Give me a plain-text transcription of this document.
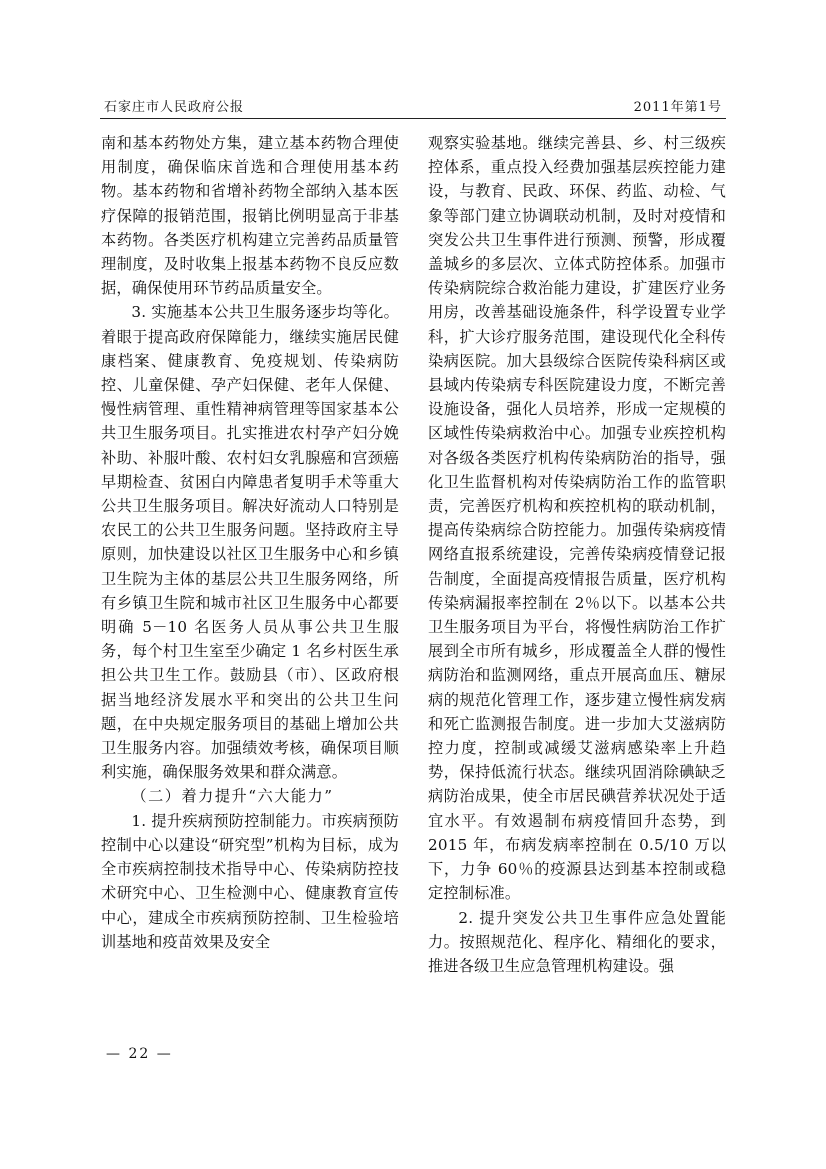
石家庄市人民政府公报	2011年第1号

南和基本药物处方集，建立基本药物合理使用制度，确保临床首选和合理使用基本药物。基本药物和省增补药物全部纳入基本医疗保障的报销范围，报销比例明显高于非基本药物。各类医疗机构建立完善药品质量管理制度，及时收集上报基本药物不良反应数据，确保使用环节药品质量安全。

3. 实施基本公共卫生服务逐步均等化。着眼于提高政府保障能力，继续实施居民健康档案、健康教育、免疫规划、传染病防控、儿童保健、孕产妇保健、老年人保健、慢性病管理、重性精神病管理等国家基本公共卫生服务项目。扎实推进农村孕产妇分娩补助、补服叶酸、农村妇女乳腺癌和宫颈癌早期检查、贫困白内障患者复明手术等重大公共卫生服务项目。解决好流动人口特别是农民工的公共卫生服务问题。坚持政府主导原则，加快建设以社区卫生服务中心和乡镇卫生院为主体的基层公共卫生服务网络，所有乡镇卫生院和城市社区卫生服务中心都要明确 5－10 名医务人员从事公共卫生服务，每个村卫生室至少确定 1 名乡村医生承担公共卫生工作。鼓励县（市）、区政府根据当地经济发展水平和突出的公共卫生问题，在中央规定服务项目的基础上增加公共卫生服务内容。加强绩效考核，确保项目顺利实施，确保服务效果和群众满意。

（二）着力提升“六大能力”

1. 提升疾病预防控制能力。市疾病预防控制中心以建设“研究型”机构为目标，成为全市疾病控制技术指导中心、传染病防控技术研究中心、卫生检测中心、健康教育宣传中心，建成全市疾病预防控制、卫生检验培训基地和疫苗效果及安全

观察实验基地。继续完善县、乡、村三级疾控体系，重点投入经费加强基层疾控能力建设，与教育、民政、环保、药监、动检、气象等部门建立协调联动机制，及时对疫情和突发公共卫生事件进行预测、预警，形成覆盖城乡的多层次、立体式防控体系。加强市传染病院综合救治能力建设，扩建医疗业务用房，改善基础设施条件，科学设置专业学科，扩大诊疗服务范围，建设现代化全科传染病医院。加大县级综合医院传染科病区或县域内传染病专科医院建设力度，不断完善设施设备，强化人员培养，形成一定规模的区域性传染病救治中心。加强专业疾控机构对各级各类医疗机构传染病防治的指导，强化卫生监督机构对传染病防治工作的监管职责，完善医疗机构和疾控机构的联动机制，提高传染病综合防控能力。加强传染病疫情网络直报系统建设，完善传染病疫情登记报告制度，全面提高疫情报告质量，医疗机构传染病漏报率控制在 2％以下。以基本公共卫生服务项目为平台，将慢性病防治工作扩展到全市所有城乡，形成覆盖全人群的慢性病防治和监测网络，重点开展高血压、糖尿病的规范化管理工作，逐步建立慢性病发病和死亡监测报告制度。进一步加大艾滋病防控力度，控制或减缓艾滋病感染率上升趋势，保持低流行状态。继续巩固消除碘缺乏病防治成果，使全市居民碘营养状况处于适宜水平。有效遏制布病疫情回升态势，到 2015 年，布病发病率控制在 0.5/10 万以下，力争 60％的疫源县达到基本控制或稳定控制标准。

2. 提升突发公共卫生事件应急处置能力。按照规范化、程序化、精细化的要求，推进各级卫生应急管理机构建设。强

— 22 —
